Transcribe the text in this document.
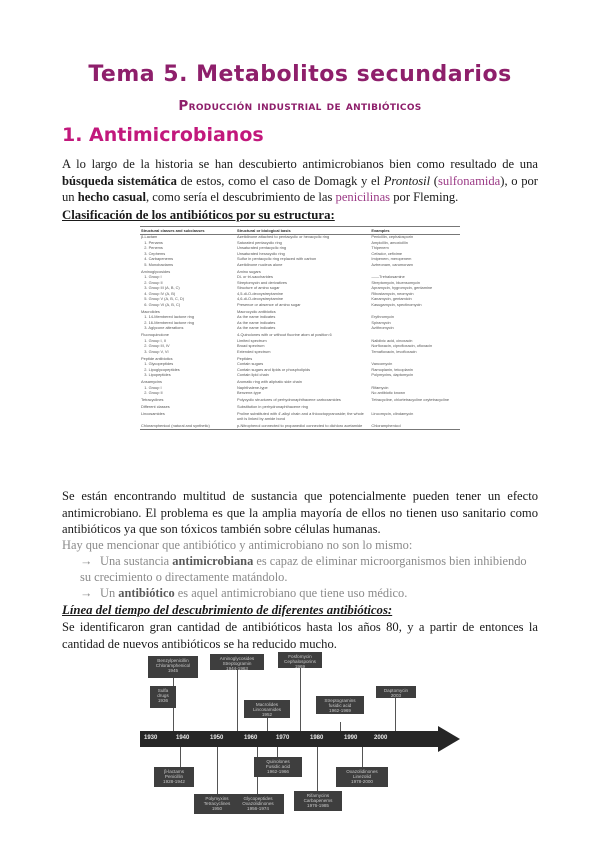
Tema 5. Metabolitos secundarios
Producción industrial de antibióticos
1. Antimicrobianos
A lo largo de la historia se han descubierto antimicrobianos bien como resultado de una búsqueda sistemática de estos, como el caso de Domagk y el Prontosil (sulfonamida), o por un hecho casual, como sería el descubrimiento de las penicilinas por Fleming.
Clasificación de los antibióticos por su estructura:
Structural classes and subclasses	Structural or biological basis	Examples
β-Lactam	Azetidinone attached to pentacyclic or hexacyclic ring	Penicillin, cephalosporin
1. Penams	Saturated pentacyclic ring	Ampicillin, amoxicillin
2. Penems	Unsaturated pentacyclic ring	Thipenem
3. Cephems	Unsaturated hexacyclic ring	Cefaclor, cefixime
4. Carbapenems	Sulfur in pentacyclic ring replaced with carbon	Imipenem, meropenem
5. Monobactams	Azetidinone nucleus alone	Aztreonam, carumonam
Aminoglycosides	Amino sugars	
1. Group I	Di- or tri-saccharides	——Trehalosamine
2. Group II	Streptomycin and derivatives	Streptomycin, bluensomycin
3. Group III (A, B, C)	Structure of amino sugar	Apramycin, hygromycin, gentamine
4. Group IV (A, B)	4,5-di-O-deoxystreptamine	Ribostamycin, neomycin
5. Group V (A, B, C, D)	4,6-di-O-deoxystreptamine	Kanamycin, gentamicin
6. Group VI (A, B, C)	Presence or absence of amino sugar	Kasugamycin, spectinomycin
Macrolides	Macrocyclic antibiotics	
1. 14-Membered lactone ring	As the name indicates	Erythromycin
2. 16-Membered lactone ring	As the name indicates	Spiramycin
3. Aglycone alterations	As the name indicates	Azithromycin
Fluoroquinolone	4-Quinolones with or without fluorine atom at position 6	
1. Group I, II	Limited spectrum	Nalidixic acid, cinoxacin
2. Group III, IV	Broad spectrum	Norfloxacin, ciprofloxacin, ofloxacin
3. Group V, VI	Extended spectrum	Temafloxacin, levofloxacin
Peptide antibiotics	Peptides	
1. Glycopeptides	Contain sugars	Vancomycin
2. Lipoglycopeptides	Contain sugars and lipids or phospholipids	Ramoplanin, teicoplanin
3. Lipopeptides	Contain lipid chain	Polymyxins, daptomycin
Ansamycins	Aromatic ring with aliphatic side chain	
1. Group I	Naphthalene-type	Rifamycin
2. Group II	Benzene-type	No antibiotic known
Tetracyclines	Polycyclic structures of perhydronaphthacene carboxamides	Tetracycline, chlortetracycline oxytetracycline
Different classes	Substitution in perhydronaphthacene ring	
Lincosamides	Proline substituted with 4'-alkyl chain and a thiooctopyranoside; the whole unit is linked by amide bond	Lincomycin, clindamycin
Chloramphenicol (natural and synthetic)	p-Nitrophenol connected to propanediol connected to dichloro acetamide	Chloramphenicol
Se están encontrando multitud de sustancia que potencialmente pueden tener un efecto antimicrobiano. El problema es que la amplia mayoría de ellos no tienen uso sanitario como antibióticos ya que son tóxicos también sobre células humanas.
Hay que mencionar que antibiótico y antimicrobiano no son lo mismo:
→ Una sustancia antimicrobiana es capaz de eliminar microorganismos bien inhibiendo su crecimiento o directamente matándolo.
→ Un antibiótico es aquel antimicrobiano que tiene uso médico.
Línea del tiempo del descubrimiento de diferentes antibióticos:
Se identificaron gran cantidad de antibióticos hasta los años 80, y a partir de entonces la cantidad de nuevos antibióticos se ha reducido mucho.
Benzylpenicillin
Chloramphenicol
1945
Sulfa
drugs
1936
Aminoglycosides
Streptogramin
1944-1963
Macrolides
Lincosamides
1952
Fosfomycin
Cephalosporins
1969
Streptogramins
fusidic acid
1962-1969
Daptomycin
2003
1930	1940	1950	1960	1970	1980	1990	2000
β-lactams
Penicillin
1928-1942
Polymyxins
Tetracyclines
1950
Glycopeptides
Oxazolidinones
1956-1974
Quinolones
Fusidic acid
1962-1966
Rifamycins
Carbapenems
1976-1985
Oxazolidinones
Linezolid
1978-2000
